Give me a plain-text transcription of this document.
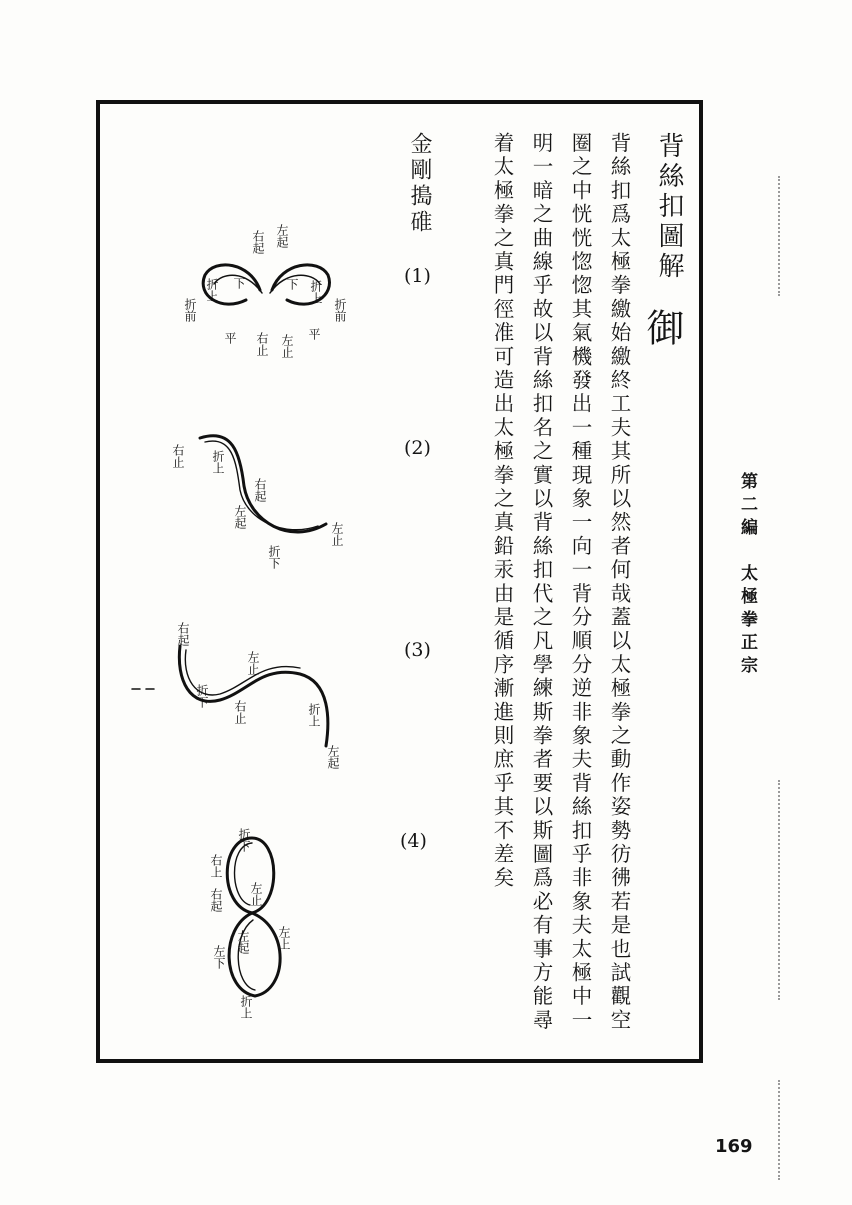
背絲扣圖解
御
背絲扣爲太極拳繳始繳終工夫其所以然者何哉蓋以太極拳之動作姿勢彷彿若是也試觀空
圈之中恍恍惚惚其氣機發出一種現象一向一背分順分逆非象夫背絲扣乎非象夫太極中一
明一暗之曲線乎故以背絲扣名之實以背絲扣代之凡學練斯拳者要以斯圖爲必有事方能尋
着太極拳之真門徑准可造出太極拳之真鉛汞由是循序漸進則庶乎其不差矣
金剛搗碓
(1)
(2)
(3)
(4)
右起 左起
下	下
折上	折上
折前	折前
平	平
右止 左止
右止 折上
右起
左起
左止
折下
右起
左止
折下
右止	折上
左起
折下
右上
右起 左止
左起
左下
折上
左上
第二編　太極拳正宗
169
